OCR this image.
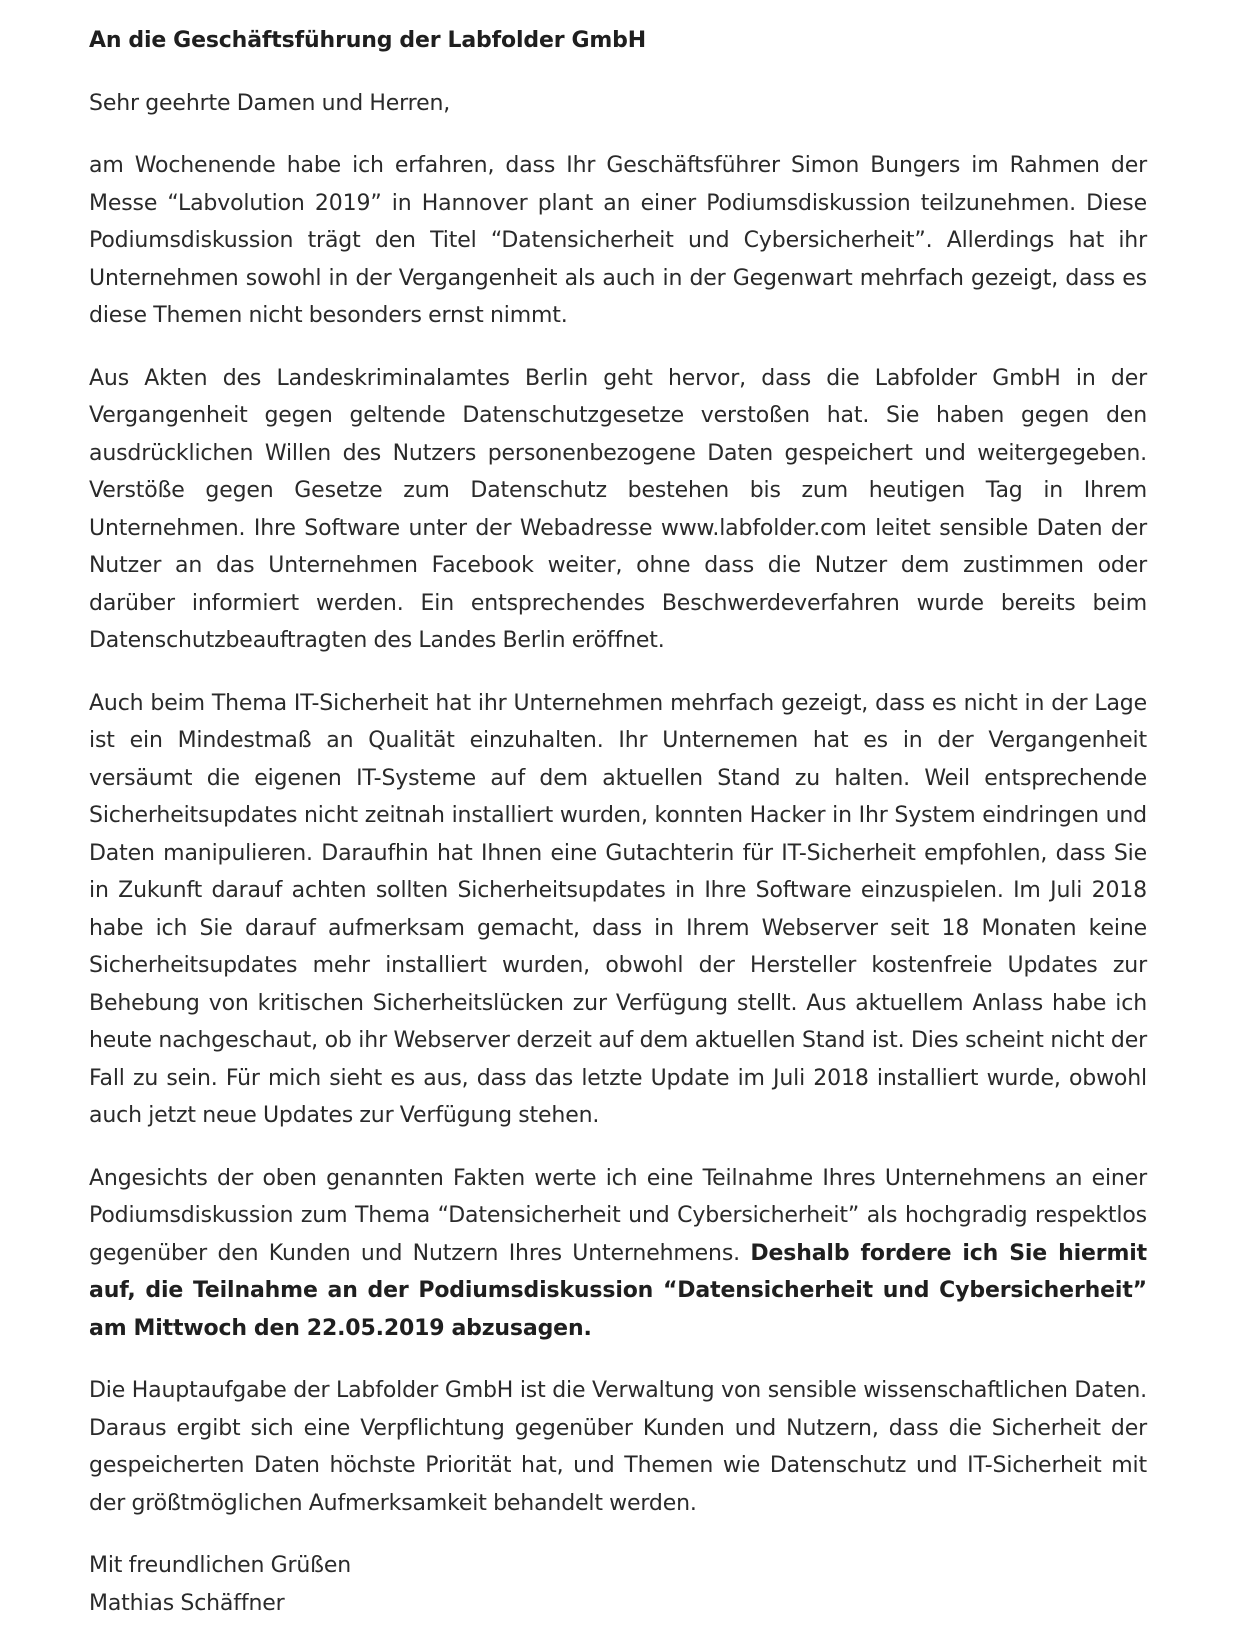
An die Geschäftsführung der Labfolder GmbH

Sehr geehrte Damen und Herren,

am Wochenende habe ich erfahren, dass Ihr Geschäftsführer Simon Bungers im Rahmen der Messe “Labvolution 2019” in Hannover plant an einer Podiumsdiskussion teilzunehmen. Diese Podiumsdiskussion trägt den Titel “Datensicherheit und Cybersicherheit”. Allerdings hat ihr Unternehmen sowohl in der Vergangenheit als auch in der Gegenwart mehrfach gezeigt, dass es diese Themen nicht besonders ernst nimmt.

Aus Akten des Landeskriminalamtes Berlin geht hervor, dass die Labfolder GmbH in der Vergangenheit gegen geltende Datenschutzgesetze verstoßen hat. Sie haben gegen den ausdrücklichen Willen des Nutzers personenbezogene Daten gespeichert und weitergegeben. Verstöße gegen Gesetze zum Datenschutz bestehen bis zum heutigen Tag in Ihrem Unternehmen. Ihre Software unter der Webadresse www.labfolder.com leitet sensible Daten der Nutzer an das Unternehmen Facebook weiter, ohne dass die Nutzer dem zustimmen oder darüber informiert werden. Ein entsprechendes Beschwerdeverfahren wurde bereits beim Datenschutzbeauftragten des Landes Berlin eröffnet.

Auch beim Thema IT-Sicherheit hat ihr Unternehmen mehrfach gezeigt, dass es nicht in der Lage ist ein Mindestmaß an Qualität einzuhalten. Ihr Unternemen hat es in der Vergangenheit versäumt die eigenen IT-Systeme auf dem aktuellen Stand zu halten. Weil entsprechende Sicherheitsupdates nicht zeitnah installiert wurden, konnten Hacker in Ihr System eindringen und Daten manipulieren. Daraufhin hat Ihnen eine Gutachterin für IT-Sicherheit empfohlen, dass Sie in Zukunft darauf achten sollten Sicherheitsupdates in Ihre Software einzuspielen. Im Juli 2018 habe ich Sie darauf aufmerksam gemacht, dass in Ihrem Webserver seit 18 Monaten keine Sicherheitsupdates mehr installiert wurden, obwohl der Hersteller kostenfreie Updates zur Behebung von kritischen Sicherheitslücken zur Verfügung stellt. Aus aktuellem Anlass habe ich heute nachgeschaut, ob ihr Webserver derzeit auf dem aktuellen Stand ist. Dies scheint nicht der Fall zu sein. Für mich sieht es aus, dass das letzte Update im Juli 2018 installiert wurde, obwohl auch jetzt neue Updates zur Verfügung stehen.

Angesichts der oben genannten Fakten werte ich eine Teilnahme Ihres Unternehmens an einer Podiumsdiskussion zum Thema “Datensicherheit und Cybersicherheit” als hochgradig respektlos gegenüber den Kunden und Nutzern Ihres Unternehmens. Deshalb fordere ich Sie hiermit auf, die Teilnahme an der Podiumsdiskussion “Datensicherheit und Cybersicherheit” am Mittwoch den 22.05.2019 abzusagen.

Die Hauptaufgabe der Labfolder GmbH ist die Verwaltung von sensible wissenschaftlichen Daten. Daraus ergibt sich eine Verpflichtung gegenüber Kunden und Nutzern, dass die Sicherheit der gespeicherten Daten höchste Priorität hat, und Themen wie Datenschutz und IT-Sicherheit mit der größtmöglichen Aufmerksamkeit behandelt werden.

Mit freundlichen Grüßen

Mathias Schäffner
